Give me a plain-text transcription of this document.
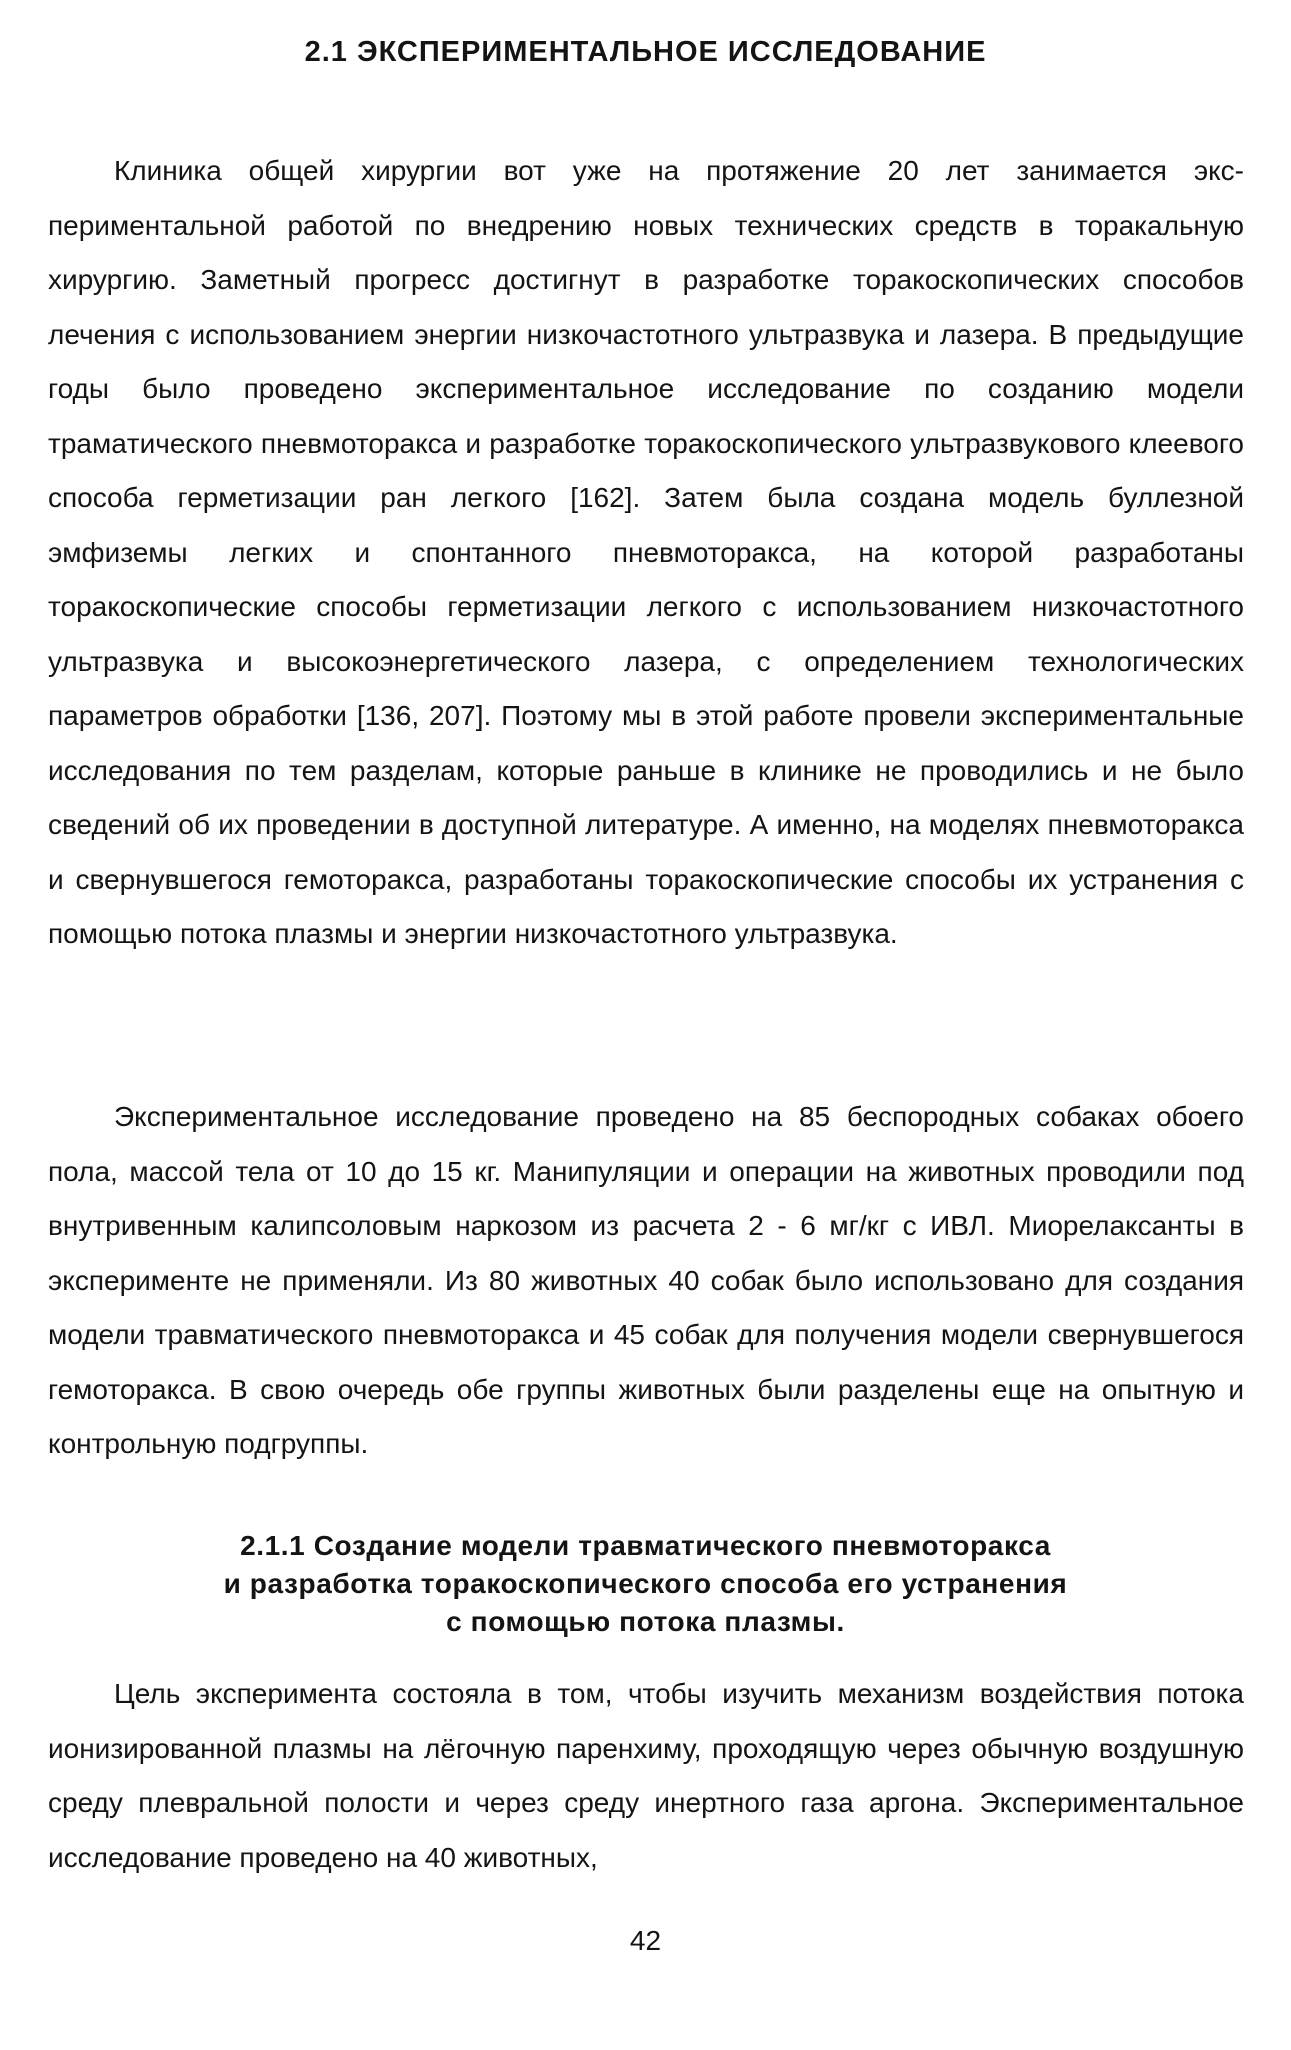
2.1 ЭКСПЕРИМЕНТАЛЬНОЕ ИССЛЕДОВАНИЕ

Клиника общей хирургии вот уже на протяжение 20 лет занимается экспериментальной работой по внедрению новых технических средств в торакальную хирургию. Заметный прогресс достигнут в разработке торакоскопических способов лечения с использованием энергии низкочастотного ультразвука и лазера. В предыдущие годы было проведено экспериментальное исследование по созданию модели трамaтического пневмоторакса и разработке торакоскопического ультразвукового клеевого способа герметизации ран легкого [162]. Затем была создана модель буллезной эмфиземы легких и спонтанного пневмоторакса, на которой разработаны торакоскопические способы герметизации легкого с использованием низкочастотного ультразвука и высокоэнергетического лазера, с определением технологических параметров обработки [136, 207]. Поэтому мы в этой работе провели экспериментальные исследования по тем разделам, которые раньше в клинике не проводились и не было сведений об их проведении в доступной литературе. А именно, на моделях пневмоторакса и свернувшегося гемоторакса, разработаны торакоскопические способы их устранения с помощью потока плазмы и энергии низкочастотного ультразвука.

Экспериментальное исследование проведено на 85 беспородных собаках обоего пола, массой тела от 10 до 15 кг. Манипуляции и операции на животных проводили под внутривенным калипсоловым наркозом из расчета 2 - 6 мг/кг с ИВЛ. Миорелаксанты в эксперименте не применяли. Из 80 животных 40 собак было использовано для создания модели травматического пневмоторакса и 45 собак для получения модели свернувшегося гемоторакса. В свою очередь обе группы животных были разделены еще на опытную и контрольную подгруппы.

2.1.1 Создание модели травматического пневмоторакса
и разработка торакоскопического способа его устранения
с помощью потока плазмы.

Цель эксперимента состояла в том, чтобы изучить механизм воздействия потока ионизированной плазмы на лёгочную паренхиму, проходящую через обычную воздушную среду плевральной полости и через среду инертного газа аргона. Экспериментальное исследование проведено на 40 животных,

42
